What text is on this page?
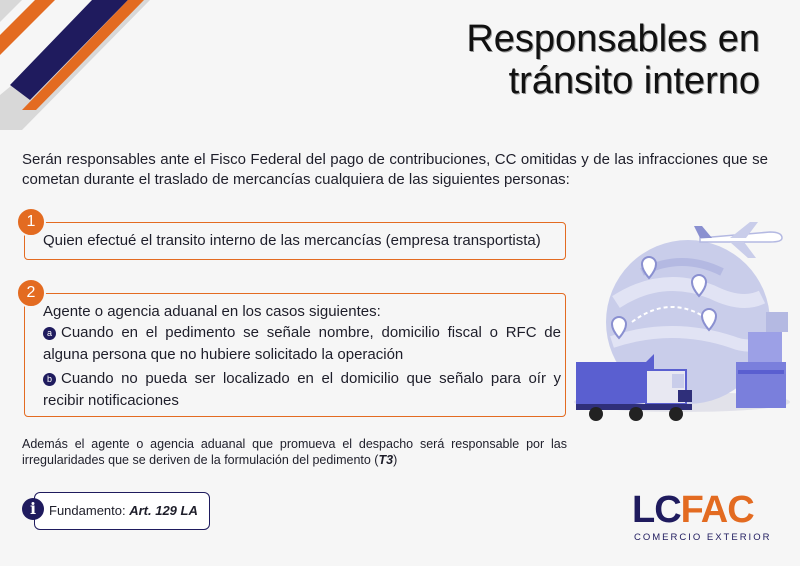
Responsables en
tránsito interno
Serán responsables ante el Fisco Federal del pago de contribuciones, CC omitidas y de las infracciones que se cometan durante el traslado de mercancías cualquiera de las siguientes personas:
Quien efectué el transito interno de las mercancías (empresa transportista)
1
Agente o agencia aduanal en los casos siguientes:
a Cuando en el pedimento se señale nombre, domicilio fiscal o RFC de alguna persona que no hubiere solicitado la operación
b Cuando no pueda ser localizado en el domicilio que señalo para oír y recibir notificaciones
2
Además el agente o agencia aduanal que promueva el despacho será responsable por las irregularidades que se deriven de la formulación del pedimento (T3)
Fundamento: Art. 129 LA
i	LCFAC
COMERCIO EXTERIOR
